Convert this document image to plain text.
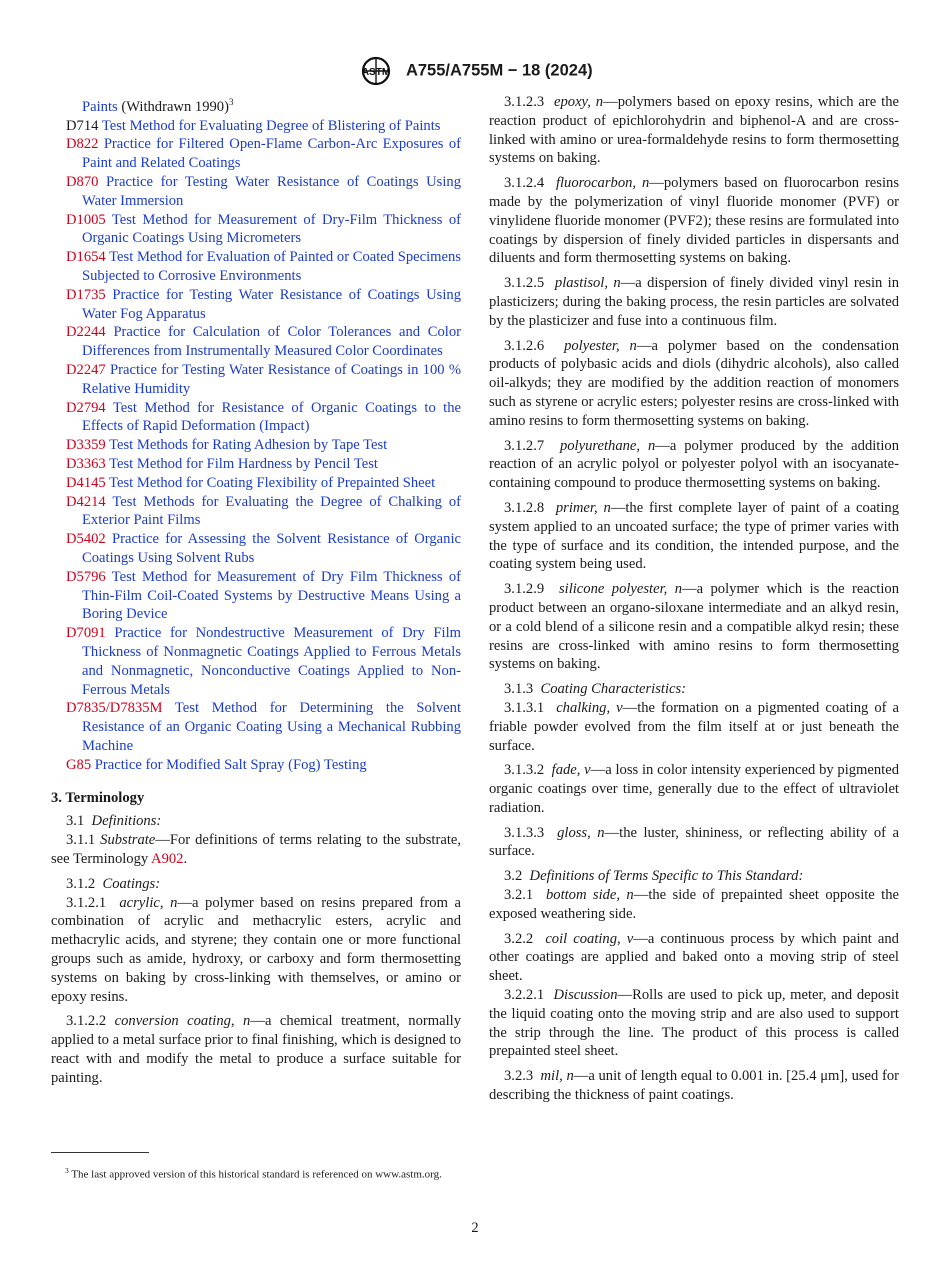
ASTM A755/A755M − 18 (2024)

Paints (Withdrawn 1990)$^3$

D714 Test Method for Evaluating Degree of Blistering of Paints

D822 Practice for Filtered Open-Flame Carbon-Arc Exposures of Paint and Related Coatings

D870 Practice for Testing Water Resistance of Coatings Using Water Immersion

D1005 Test Method for Measurement of Dry-Film Thickness of Organic Coatings Using Micrometers

D1654 Test Method for Evaluation of Painted or Coated Specimens Subjected to Corrosive Environments

D1735 Practice for Testing Water Resistance of Coatings Using Water Fog Apparatus

D2244 Practice for Calculation of Color Tolerances and Color Differences from Instrumentally Measured Color Coordinates

D2247 Practice for Testing Water Resistance of Coatings in 100 % Relative Humidity

D2794 Test Method for Resistance of Organic Coatings to the Effects of Rapid Deformation (Impact)

D3359 Test Methods for Rating Adhesion by Tape Test

D3363 Test Method for Film Hardness by Pencil Test

D4145 Test Method for Coating Flexibility of Prepainted Sheet

D4214 Test Methods for Evaluating the Degree of Chalking of Exterior Paint Films

D5402 Practice for Assessing the Solvent Resistance of Organic Coatings Using Solvent Rubs

D5796 Test Method for Measurement of Dry Film Thickness of Thin-Film Coil-Coated Systems by Destructive Means Using a Boring Device

D7091 Practice for Nondestructive Measurement of Dry Film Thickness of Nonmagnetic Coatings Applied to Ferrous Metals and Nonmagnetic, Nonconductive Coatings Applied to Non-Ferrous Metals

D7835/D7835M Test Method for Determining the Solvent Resistance of an Organic Coating Using a Mechanical Rubbing Machine

G85 Practice for Modified Salt Spray (Fog) Testing

3. Terminology

3.1 Definitions:

3.1.1 Substrate—For definitions of terms relating to the substrate, see Terminology A902.

3.1.2 Coatings:

3.1.2.1 acrylic, n—a polymer based on resins prepared from a combination of acrylic and methacrylic esters, acrylic and methacrylic acids, and styrene; they contain one or more functional groups such as amide, hydroxy, or carboxy and form thermosetting systems on baking by cross-linking with themselves, or amino or epoxy resins.

3.1.2.2 conversion coating, n—a chemical treatment, normally applied to a metal surface prior to final finishing, which is designed to react with and modify the metal to produce a surface suitable for painting.

3.1.2.3 epoxy, n—polymers based on epoxy resins, which are the reaction product of epichlorohydrin and biphenol-A and are cross-linked with amino or urea-formaldehyde resins to form thermosetting systems on baking.

3.1.2.4 fluorocarbon, n—polymers based on fluorocarbon resins made by the polymerization of vinyl fluoride monomer (PVF) or vinylidene fluoride monomer (PVF2); these resins are formulated into coatings by dispersion of finely divided particles in dispersants and diluents and form thermosetting systems on baking.

3.1.2.5 plastisol, n—a dispersion of finely divided vinyl resin in plasticizers; during the baking process, the resin particles are solvated by the plasticizer and fuse into a continuous film.

3.1.2.6 polyester, n—a polymer based on the condensation products of polybasic acids and diols (dihydric alcohols), also called oil-alkyds; they are modified by the addition reaction of monomers such as styrene or acrylic esters; polyester resins are cross-linked with amino resins to form thermosetting systems on baking.

3.1.2.7 polyurethane, n—a polymer produced by the addition reaction of an acrylic polyol or polyester polyol with an isocyanate-containing compound to produce thermosetting systems on baking.

3.1.2.8 primer, n—the first complete layer of paint of a coating system applied to an uncoated surface; the type of primer varies with the type of surface and its condition, the intended purpose, and the coating system being used.

3.1.2.9 silicone polyester, n—a polymer which is the reaction product between an organo-siloxane intermediate and an alkyd resin, or a cold blend of a silicone resin and a compatible alkyd resin; these resins are cross-linked with amino resins to form thermosetting systems on baking.

3.1.3 Coating Characteristics:

3.1.3.1 chalking, v—the formation on a pigmented coating of a friable powder evolved from the film itself at or just beneath the surface.

3.1.3.2 fade, v—a loss in color intensity experienced by pigmented organic coatings over time, generally due to the effect of ultraviolet radiation.

3.1.3.3 gloss, n—the luster, shininess, or reflecting ability of a surface.

3.2 Definitions of Terms Specific to This Standard:

3.2.1 bottom side, n—the side of prepainted sheet opposite the exposed weathering side.

3.2.2 coil coating, v—a continuous process by which paint and other coatings are applied and baked onto a moving strip of steel sheet.

3.2.2.1 Discussion—Rolls are used to pick up, meter, and deposit the liquid coating onto the moving strip and are also used to support the strip through the line. The product of this process is called prepainted steel sheet.

3.2.3 mil, n—a unit of length equal to 0.001 in. [25.4 μm], used for describing the thickness of paint coatings.

$^3$ The last approved version of this historical standard is referenced on www.astm.org.
2
